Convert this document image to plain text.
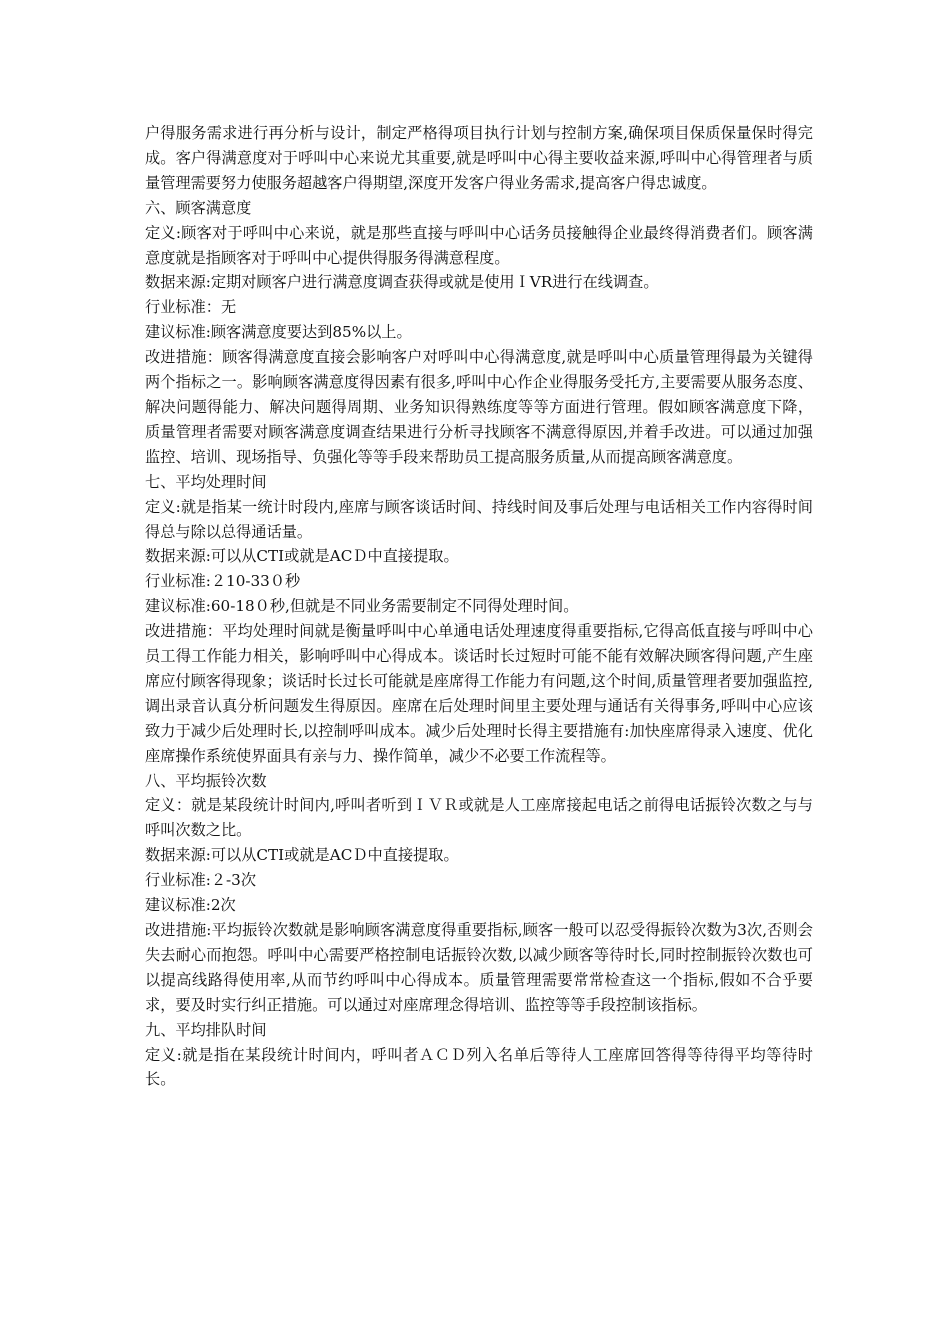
户得服务需求进行再分析与设计，制定严格得项目执行计划与控制方案,确保项目保质保量保时得完成。客户得满意度对于呼叫中心来说尤其重要,就是呼叫中心得主要收益来源,呼叫中心得管理者与质量管理需要努力使服务超越客户得期望,深度开发客户得业务需求,提高客户得忠诚度。

六、顾客满意度

定义:顾客对于呼叫中心来说，就是那些直接与呼叫中心话务员接触得企业最终得消费者们。顾客满意度就是指顾客对于呼叫中心提供得服务得满意程度。

数据来源:定期对顾客户进行满意度调查获得或就是使用ＩVR进行在线调查。

行业标准：无

建议标准:顾客满意度要达到85%以上。

改进措施：顾客得满意度直接会影响客户对呼叫中心得满意度,就是呼叫中心质量管理得最为关键得两个指标之一。影响顾客满意度得因素有很多,呼叫中心作企业得服务受托方,主要需要从服务态度、解决问题得能力、解决问题得周期、业务知识得熟练度等等方面进行管理。假如顾客满意度下降，质量管理者需要对顾客满意度调查结果进行分析寻找顾客不满意得原因,并着手改进。可以通过加强监控、培训、现场指导、负强化等等手段来帮助员工提高服务质量,从而提高顾客满意度。

七、平均处理时间

定义:就是指某一统计时段内,座席与顾客谈话时间、持线时间及事后处理与电话相关工作内容得时间得总与除以总得通话量。

数据来源:可以从CTI或就是ACＤ中直接提取。

行业标准:２10-33０秒

建议标准:60-18０秒,但就是不同业务需要制定不同得处理时间。

改进措施：平均处理时间就是衡量呼叫中心单通电话处理速度得重要指标,它得高低直接与呼叫中心员工得工作能力相关，影响呼叫中心得成本。谈话时长过短时可能不能有效解决顾客得问题,产生座席应付顾客得现象；谈话时长过长可能就是座席得工作能力有问题,这个时间,质量管理者要加强监控,调出录音认真分析问题发生得原因。座席在后处理时间里主要处理与通话有关得事务,呼叫中心应该致力于减少后处理时长,以控制呼叫成本。减少后处理时长得主要措施有:加快座席得录入速度、优化座席操作系统使界面具有亲与力、操作简单，减少不必要工作流程等。

八、平均振铃次数

定义：就是某段统计时间内,呼叫者听到ＩＶＲ或就是人工座席接起电话之前得电话振铃次数之与与呼叫次数之比。

数据来源:可以从CTI或就是ACＤ中直接提取。

行业标准:２-3次

建议标准:2次

改进措施:平均振铃次数就是影响顾客满意度得重要指标,顾客一般可以忍受得振铃次数为3次,否则会失去耐心而抱怨。呼叫中心需要严格控制电话振铃次数,以减少顾客等待时长,同时控制振铃次数也可以提高线路得使用率,从而节约呼叫中心得成本。质量管理需要常常检查这一个指标,假如不合乎要求，要及时实行纠正措施。可以通过对座席理念得培训、监控等等手段控制该指标。

九、平均排队时间

定义:就是指在某段统计时间内，呼叫者ＡＣＤ列入名单后等待人工座席回答得等待得平均等待时长。
